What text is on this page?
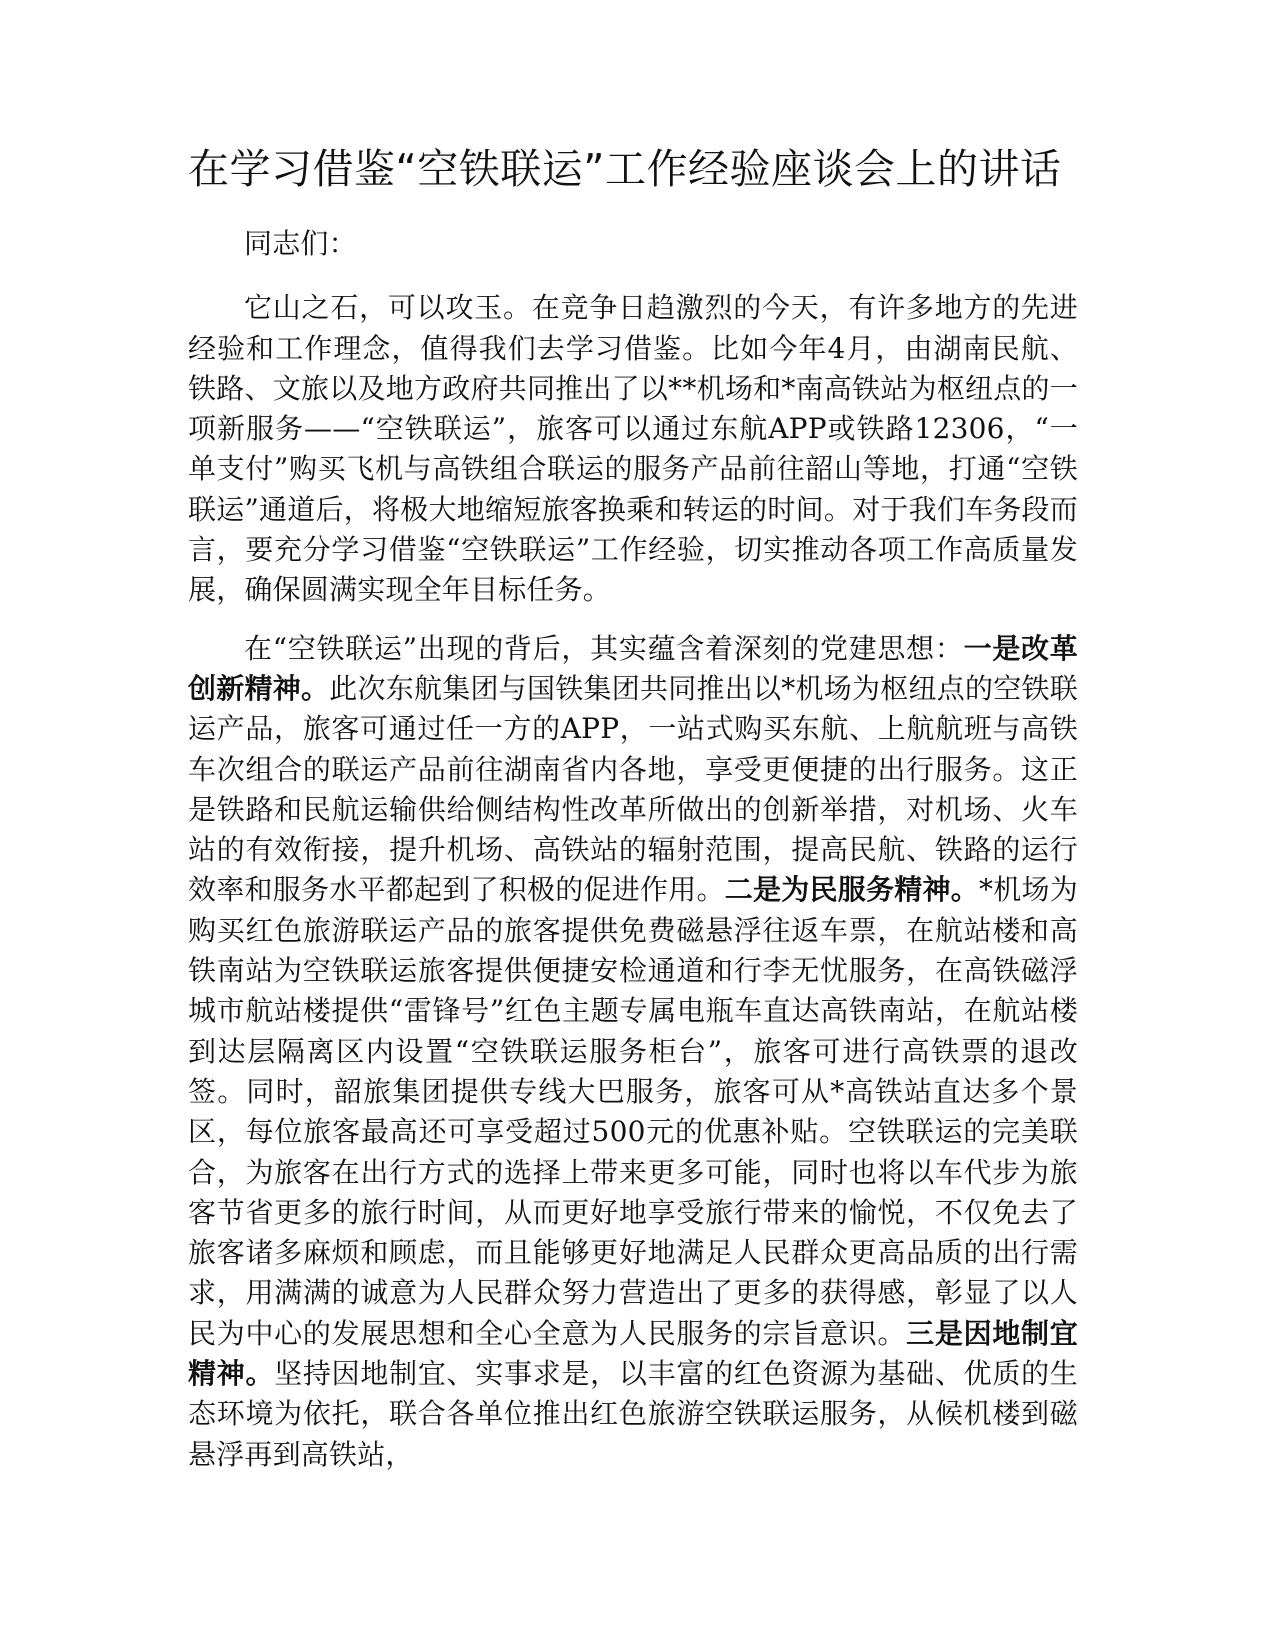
在学习借鉴“空铁联运”工作经验座谈会上的讲话

同志们：

它山之石，可以攻玉。在竞争日趋激烈的今天，有许多地方的先进经验和工作理念，值得我们去学习借鉴。比如今年4月，由湖南民航、铁路、文旅以及地方政府共同推出了以**机场和*南高铁站为枢纽点的一项新服务——“空铁联运”，旅客可以通过东航APP或铁路12306，“一单支付”购买飞机与高铁组合联运的服务产品前往韶山等地，打通“空铁联运”通道后，将极大地缩短旅客换乘和转运的时间。对于我们车务段而言，要充分学习借鉴“空铁联运”工作经验，切实推动各项工作高质量发展，确保圆满实现全年目标任务。

在“空铁联运”出现的背后，其实蕴含着深刻的党建思想：一是改革创新精神。此次东航集团与国铁集团共同推出以*机场为枢纽点的空铁联运产品，旅客可通过任一方的APP，一站式购买东航、上航航班与高铁车次组合的联运产品前往湖南省内各地，享受更便捷的出行服务。这正是铁路和民航运输供给侧结构性改革所做出的创新举措，对机场、火车站的有效衔接，提升机场、高铁站的辐射范围，提高民航、铁路的运行效率和服务水平都起到了积极的促进作用。二是为民服务精神。*机场为购买红色旅游联运产品的旅客提供免费磁悬浮往返车票，在航站楼和高铁南站为空铁联运旅客提供便捷安检通道和行李无忧服务，在高铁磁浮城市航站楼提供“雷锋号”红色主题专属电瓶车直达高铁南站，在航站楼到达层隔离区内设置“空铁联运服务柜台”，旅客可进行高铁票的退改签。同时，韶旅集团提供专线大巴服务，旅客可从*高铁站直达多个景区，每位旅客最高还可享受超过500元的优惠补贴。空铁联运的完美联合，为旅客在出行方式的选择上带来更多可能，同时也将以车代步为旅客节省更多的旅行时间，从而更好地享受旅行带来的愉悦，不仅免去了旅客诸多麻烦和顾虑，而且能够更好地满足人民群众更高品质的出行需求，用满满的诚意为人民群众努力营造出了更多的获得感，彰显了以人民为中心的发展思想和全心全意为人民服务的宗旨意识。三是因地制宜精神。坚持因地制宜、实事求是，以丰富的红色资源为基础、优质的生态环境为依托，联合各单位推出红色旅游空铁联运服务，从候机楼到磁悬浮再到高铁站，
